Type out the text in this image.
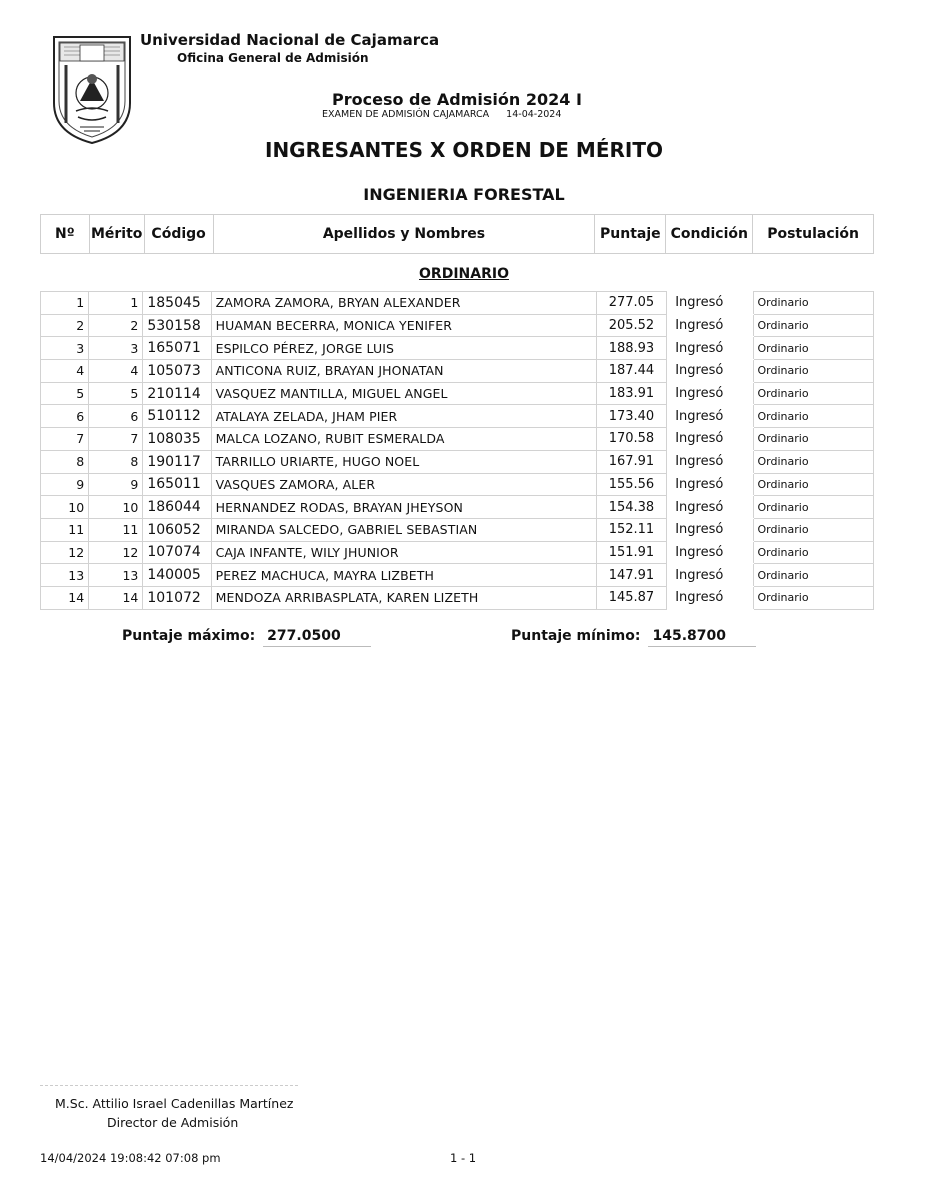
Universidad Nacional de Cajamarca
Oficina General de Admisión
Proceso de Admisión 2024 I
EXAMEN DE ADMISIÓN CAJAMARCA 14-04-2024
INGRESANTES X ORDEN DE MÉRITO
INGENIERIA FORESTAL
Nº	Mérito	Código	Apellidos y Nombres	Puntaje	Condición	Postulación
ORDINARIO
1	1	185045	ZAMORA ZAMORA, BRYAN ALEXANDER	277.05	Ingresó	Ordinario
2	2	530158	HUAMAN BECERRA, MONICA YENIFER	205.52	Ingresó	Ordinario
3	3	165071	ESPILCO PÉREZ, JORGE LUIS	188.93	Ingresó	Ordinario
4	4	105073	ANTICONA RUIZ, BRAYAN JHONATAN	187.44	Ingresó	Ordinario
5	5	210114	VASQUEZ MANTILLA, MIGUEL ANGEL	183.91	Ingresó	Ordinario
6	6	510112	ATALAYA ZELADA, JHAM PIER	173.40	Ingresó	Ordinario
7	7	108035	MALCA LOZANO, RUBIT ESMERALDA	170.58	Ingresó	Ordinario
8	8	190117	TARRILLO URIARTE, HUGO NOEL	167.91	Ingresó	Ordinario
9	9	165011	VASQUES ZAMORA, ALER	155.56	Ingresó	Ordinario
10	10	186044	HERNANDEZ RODAS, BRAYAN JHEYSON	154.38	Ingresó	Ordinario
11	11	106052	MIRANDA SALCEDO, GABRIEL SEBASTIAN	152.11	Ingresó	Ordinario
12	12	107074	CAJA INFANTE, WILY JHUNIOR	151.91	Ingresó	Ordinario
13	13	140005	PEREZ MACHUCA, MAYRA LIZBETH	147.91	Ingresó	Ordinario
14	14	101072	MENDOZA ARRIBASPLATA, KAREN LIZETH	145.87	Ingresó	Ordinario
Puntaje máximo: 277.0500	Puntaje mínimo: 145.8700
M.Sc. Attilio Israel Cadenillas Martínez
Director de Admisión
14/04/2024 19:08:42 07:08 pm	1 - 1
